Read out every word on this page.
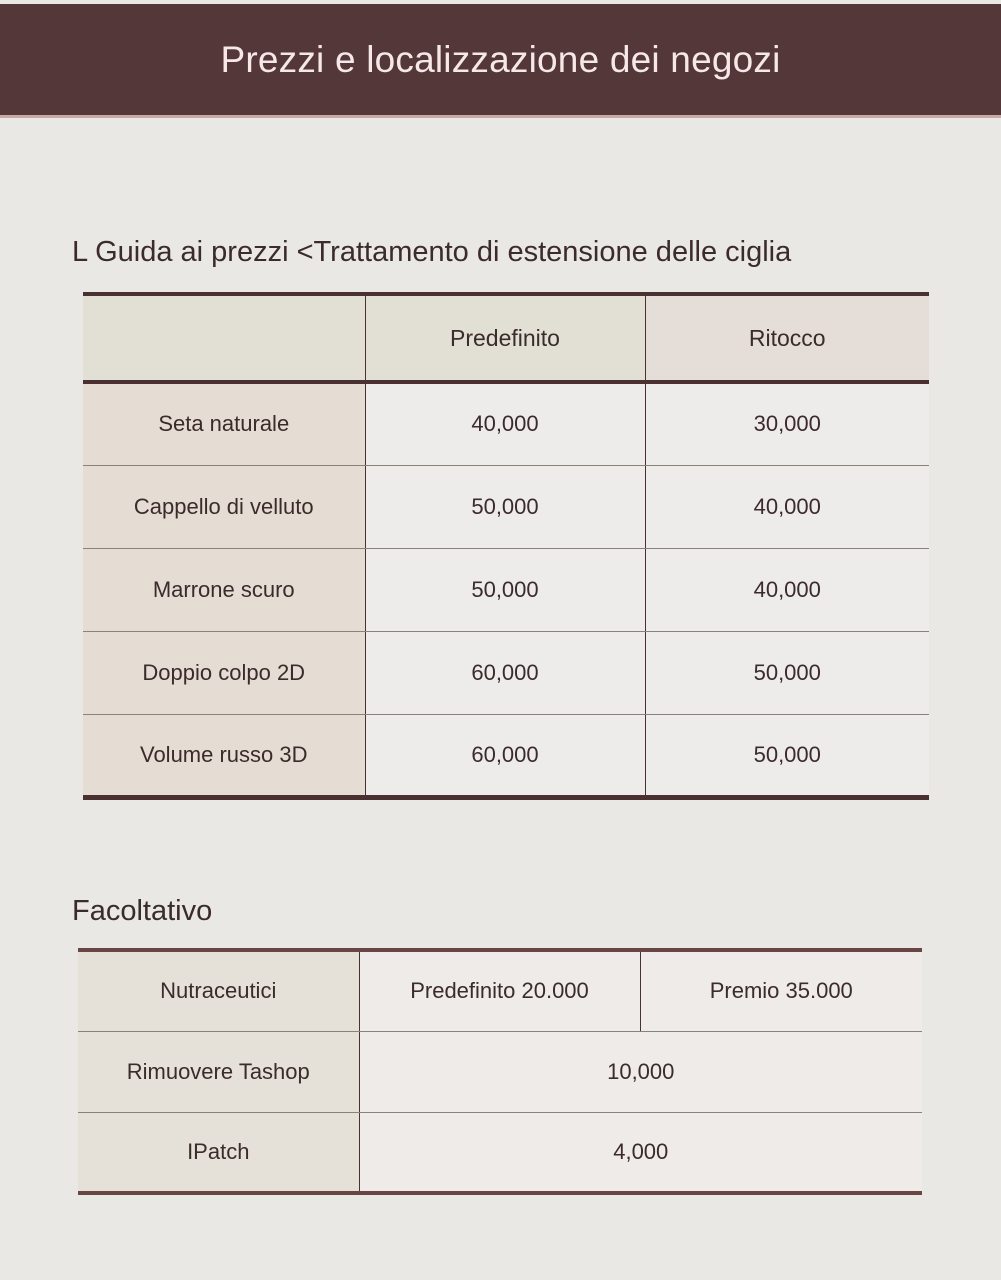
Prezzi e localizzazione dei negozi
L Guida ai prezzi <Trattamento di estensione delle ciglia
	Predefinito	Ritocco
Seta naturale	40,000	30,000
Cappello di velluto	50,000	40,000
Marrone scuro	50,000	40,000
Doppio colpo 2D	60,000	50,000
Volume russo 3D	60,000	50,000
Facoltativo
Nutraceutici	Predefinito 20.000	Premio 35.000
Rimuovere Tashop	10,000	
IPatch	4,000	
